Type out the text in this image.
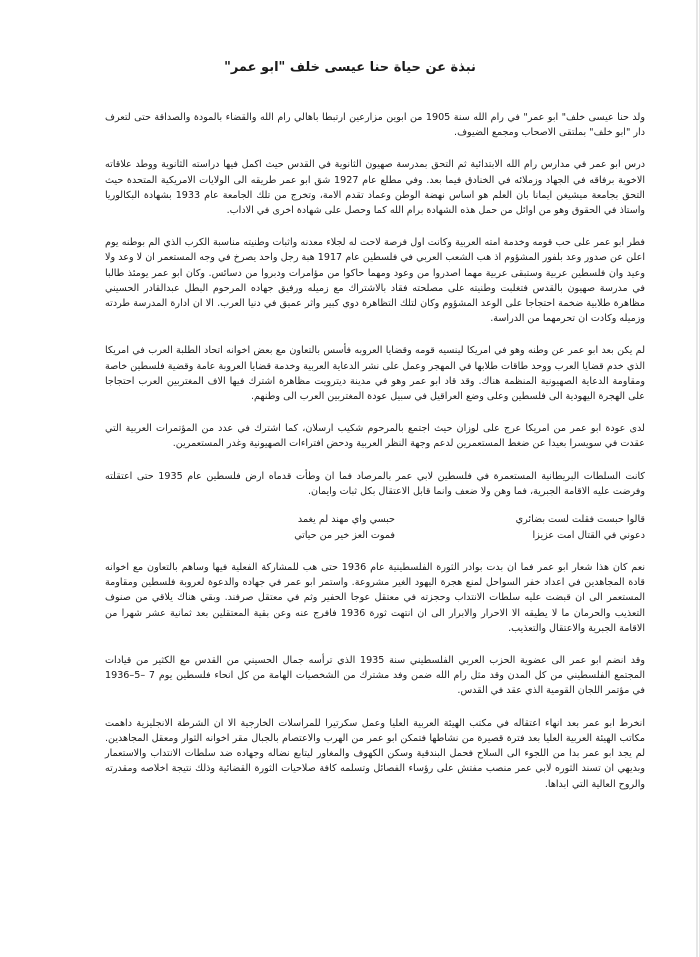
نبذة عن حياة حنا عيسى خلف "ابو عمر"

ولد حنا عيسى خلف" ابو عمر" في رام الله سنة 1905 من ابوين مزارعين ارتبطا باهالي رام الله والقضاء بالمودة والصداقة حتى لتعرف دار "ابو خلف" بملتقى الاصحاب ومجمع الضيوف.

درس ابو عمر في مدارس رام الله الابتدائية ثم التحق بمدرسة صهيون الثانوية في القدس حيث اكمل فيها دراسته الثانوية ووطد علاقاته الاخوية برفاقه في الجهاد وزملائه في الخنادق فيما بعد. وفي مطلع عام 1927 شق ابو عمر طريقه الى الولايات الامريكية المتحدة حيث التحق بجامعة ميشيغن ايمانا بان العلم هو اساس نهضة الوطن وعماد تقدم الامة، وتخرج من تلك الجامعة عام 1933 بشهادة البكالوريا واستاذ في الحقوق وهو من اوائل من حمل هذه الشهادة برام الله كما وحصل على شهادة اخرى في الاداب.

فطر ابو عمر على حب قومه وخدمة امته العربية وكانت اول فرصة لاحت له لجلاء معدنه واثبات وطنيته مناسبة الكرب الذي الم بوطنه يوم اعلن عن صدور وعد بلفور المشؤوم اذ هب الشعب العربي في فلسطين عام 1917 هبة رجل واحد يصرخ في وجه المستعمر ان لا وعد ولا وعيد وان فلسطين عربية وستبقى عربية مهما اصدروا من وعود ومهما حاكوا من مؤامرات ودبروا من دسائس. وكان ابو عمر يومئذ طالبا في مدرسة صهيون بالقدس فتغلبت وطنيته على مصلحته فقاد بالاشتراك مع زميله ورفيق جهاده المرحوم البطل عبدالقادر الحسيني مظاهرة طلابية ضخمة احتجاجا على الوعد المشؤوم وكان لتلك التظاهرة دوي كبير واثر عميق في دنيا العرب. الا ان ادارة المدرسة طردته وزميله وكادت ان تحرمهما من الدراسة.

لم يكن بعد ابو عمر عن وطنه وهو في امريكا لينسيه قومه وقضايا العروبه فأسس بالتعاون مع بعض اخوانه اتحاد الطلبة العرب في امريكا الذي خدم قضايا العرب ووحد طاقات طلابها في المهجر وعمل على نشر الدعاية العربية وخدمة قضايا العروبة عامة وقضية فلسطين خاصة ومقاومة الدعاية الصهيونية المنظمة هناك. وقد قاد ابو عمر وهو في مدينة ديترويت مظاهرة اشترك فيها الاف المغتربين العرب احتجاجا على الهجرة اليهودية الى فلسطين وعلى وضع العراقيل في سبيل عودة المغتربين العرب الى وطنهم.

لدى عودة ابو عمر من امريكا عرج على لوزان حيث اجتمع بالمرحوم شكيب ارسلان، كما اشترك في عدد من المؤتمرات العربية التي عقدت في سويسرا بعيدا عن ضغط المستعمرين لدعم وجهة النظر العربية ودحض افتراءات الصهيونية وغدر المستعمرين.

كانت السلطات البريطانية المستعمرة في فلسطين لابي عمر بالمرصاد فما ان وطأت قدماه ارض فلسطين عام 1935 حتى اعتقلته وفرضت عليه الاقامة الجبرية، فما وهن ولا ضعف وانما قابل الاعتقال بكل ثبات وايمان.

قالوا حبست فقلت لست بضائري
حبسي واي مهند لم يغمد
دعوني في القتال امت عزيزا
فموت العز خير من حياتي

نعم كان هذا شعار ابو عمر فما ان بدت بوادر الثورة الفلسطينية عام 1936 حتى هب للمشاركة الفعلية فيها وساهم بالتعاون مع اخوانه قادة المجاهدين في اعداد خفر السواحل لمنع هجرة اليهود الغير مشروعة. واستمر ابو عمر في جهاده والدعوة لعروبة فلسطين ومقاومة المستعمر الى ان قبضت عليه سلطات الانتداب وحجزته في معتقل عوجا الحفير وثم في معتقل صرفند. وبقي هناك يلاقي من صنوف التعذيب والحرمان ما لا يطيقه الا الاحرار والابرار الى ان انتهت ثورة 1936 فافرج عنه وعن بقية المعتقلين بعد ثمانية عشر شهرا من الاقامة الجبرية والاعتقال والتعذيب.

وقد انضم ابو عمر الى عضوية الحزب العربي الفلسطيني سنة 1935 الذي ترأسه جمال الحسيني من القدس مع الكثير من قيادات المجتمع الفلسطيني من كل المدن وقد مثل رام الله ضمن وفد مشترك من الشخصيات الهامة من كل انحاء فلسطين يوم 7 –5–1936 في مؤتمر اللجان القومية الذي عقد في القدس.

انخرط ابو عمر بعد انهاء اعتقاله في مكتب الهيئة العربية العليا وعمل سكرتيرا للمراسلات الخارجية الا ان الشرطة الانجليزية داهمت مكاتب الهيئة العربية العليا بعد فترة قصيرة من نشاطها فتمكن ابو عمر من الهرب والاعتصام بالجبال مقر اخوانه الثوار ومعقل المجاهدين. لم يجد ابو عمر بدا من اللجوء الى السلاح فحمل البندقية وسكن الكهوف والمغاور ليتابع نضاله وجهاده ضد سلطات الانتداب والاستعمار وبديهي ان تسند الثوره لابي عمر منصب مفتش على رؤساء الفصائل وتسلمه كافة صلاحيات الثورة القضائية وذلك نتيجة اخلاصه ومقدرته والروح العالية التي ابداها.
